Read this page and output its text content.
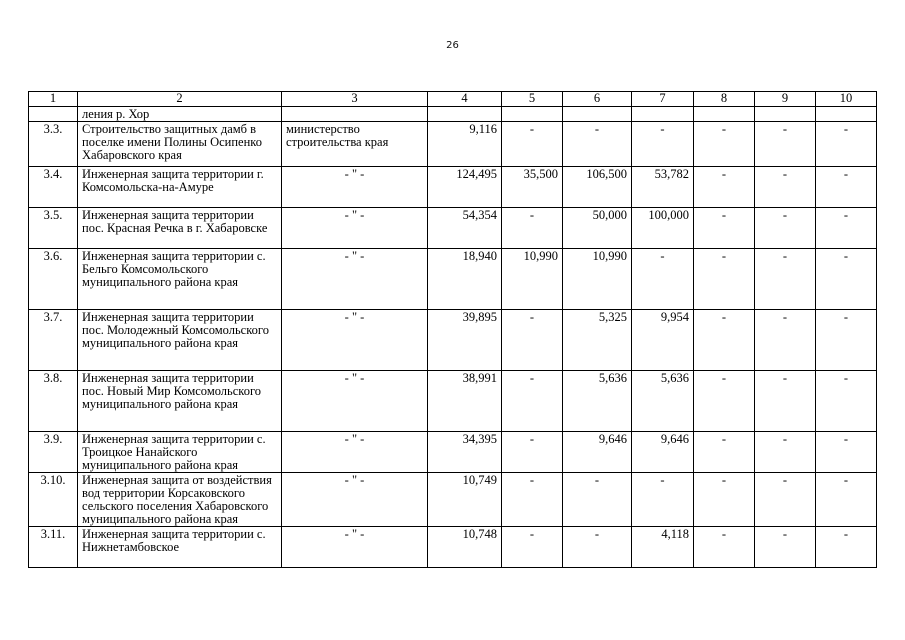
26
1	2	3	4	5	6	7	8	9	10
	ления р. Хор								
3.3.	Строительство защитных дамб в поселке имени Полины Осипенко Хабаровского края	министерство строительства края	9,116	-	-	-	-	-	-
3.4.	Инженерная защита территории г. Комсомольска-на-Амуре	- " -	124,495	35,500	106,500	53,782	-	-	-
3.5.	Инженерная защита территории пос. Красная Речка в г. Хабаровске	- " -	54,354	-	50,000	100,000	-	-	-
3.6.	Инженерная защита территории с. Бельго Комсомольского муниципального района края	- " -	18,940	10,990	10,990	-	-	-	-
3.7.	Инженерная защита территории пос. Молодежный Комсомольского муниципального района края	- " -	39,895	-	5,325	9,954	-	-	-
3.8.	Инженерная защита территории пос. Новый Мир Комсомольского муниципального района края	- " -	38,991	-	5,636	5,636	-	-	-
3.9.	Инженерная защита территории с. Троицкое Нанайского муниципального района края	- " -	34,395	-	9,646	9,646	-	-	-
3.10.	Инженерная защита от воздействия вод территории Корсаковского сельского поселения Хабаровского муниципального района края	- " -	10,749	-	-	-	-	-	-
3.11.	Инженерная защита территории с. Нижнетамбовское	- " -	10,748	-	-	4,118	-	-	-
